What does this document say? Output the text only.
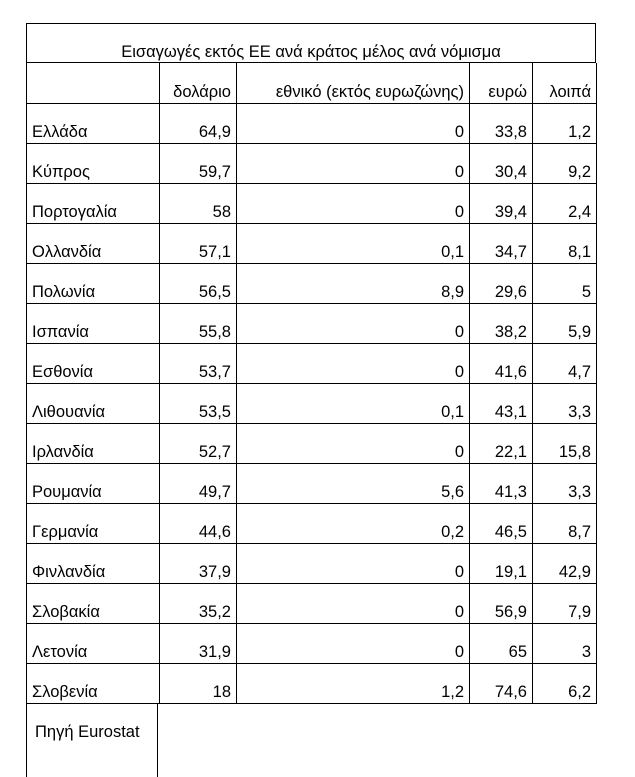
Εισαγωγές εκτός ΕΕ ανά κράτος μέλος ανά νόμισμα
	δολάριο	εθνικό (εκτός ευρωζώνης)	ευρώ	λοιπά
Ελλάδα	64,9	0	33,8	1,2
Κύπρος	59,7	0	30,4	9,2
Πορτογαλία	58	0	39,4	2,4
Ολλανδία	57,1	0,1	34,7	8,1
Πολωνία	56,5	8,9	29,6	5
Ισπανία	55,8	0	38,2	5,9
Εσθονία	53,7	0	41,6	4,7
Λιθουανία	53,5	0,1	43,1	3,3
Ιρλανδία	52,7	0	22,1	15,8
Ρουμανία	49,7	5,6	41,3	3,3
Γερμανία	44,6	0,2	46,5	8,7
Φινλανδία	37,9	0	19,1	42,9
Σλοβακία	35,2	0	56,9	7,9
Λετονία	31,9	0	65	3
Σλοβενία	18	1,2	74,6	6,2
Πηγή Eurostat
